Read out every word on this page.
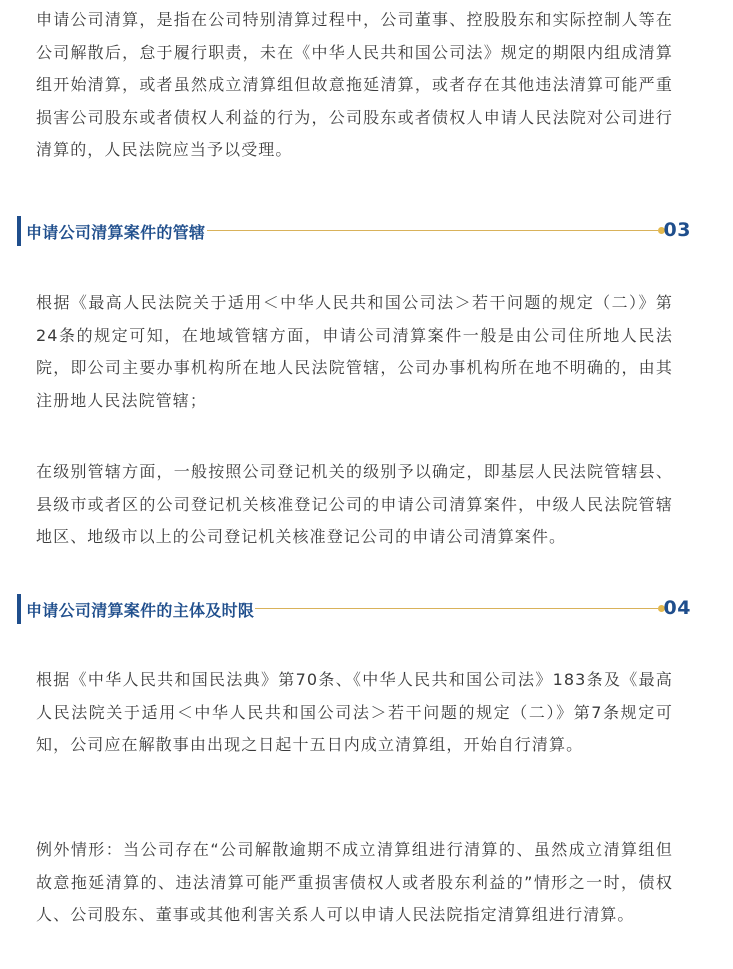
申请公司清算，是指在公司特别清算过程中，公司董事、控股股东和实际控制人等在公司解散后，怠于履行职责，未在《中华人民共和国公司法》规定的期限内组成清算组开始清算，或者虽然成立清算组但故意拖延清算，或者存在其他违法清算可能严重损害公司股东或者债权人利益的行为，公司股东或者债权人申请人民法院对公司进行清算的，人民法院应当予以受理。

申请公司清算案件的管辖	03

根据《最高人民法院关于适用＜中华人民共和国公司法＞若干问题的规定（二）》第24条的规定可知，在地域管辖方面，申请公司清算案件一般是由公司住所地人民法院，即公司主要办事机构所在地人民法院管辖，公司办事机构所在地不明确的，由其注册地人民法院管辖；

在级别管辖方面，一般按照公司登记机关的级别予以确定，即基层人民法院管辖县、县级市或者区的公司登记机关核准登记公司的申请公司清算案件，中级人民法院管辖地区、地级市以上的公司登记机关核准登记公司的申请公司清算案件。

申请公司清算案件的主体及时限	04

根据《中华人民共和国民法典》第70条、《中华人民共和国公司法》183条及《最高人民法院关于适用＜中华人民共和国公司法＞若干问题的规定（二）》第7条规定可知，公司应在解散事由出现之日起十五日内成立清算组，开始自行清算。

例外情形：当公司存在“公司解散逾期不成立清算组进行清算的、虽然成立清算组但故意拖延清算的、违法清算可能严重损害债权人或者股东利益的”情形之一时，债权人、公司股东、董事或其他利害关系人可以申请人民法院指定清算组进行清算。
